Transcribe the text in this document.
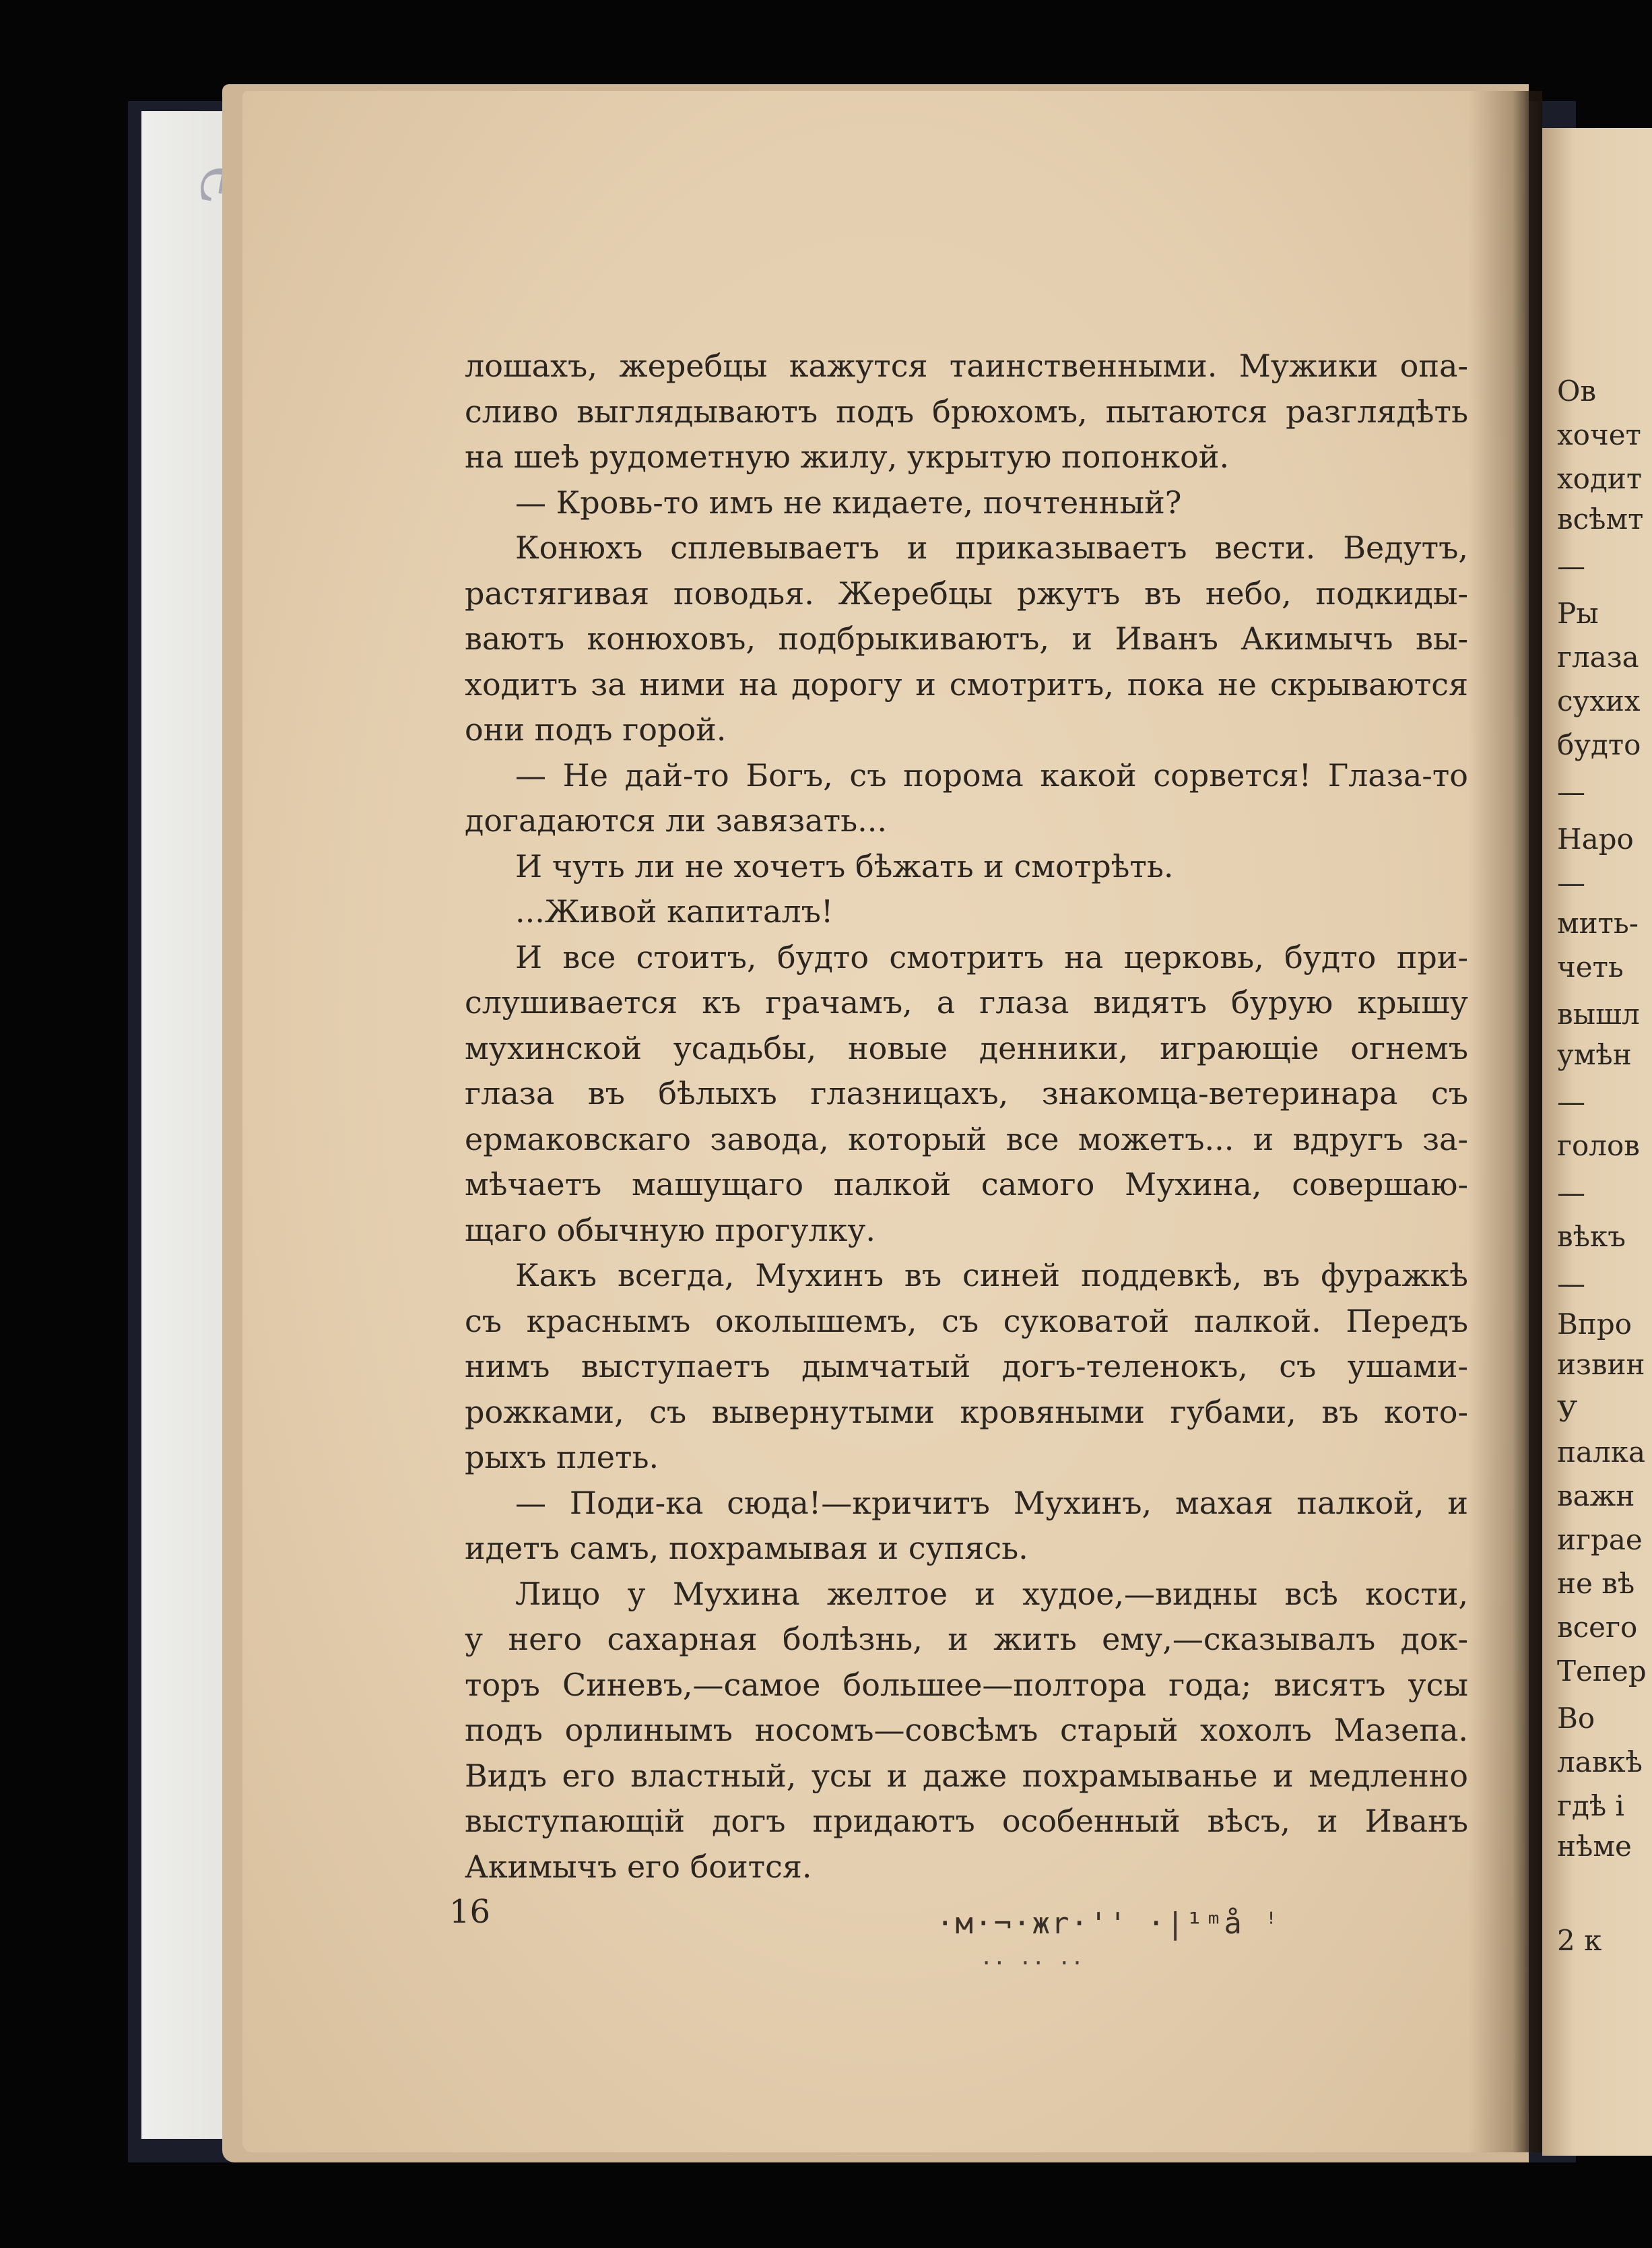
лошахъ, жеребцы кажутся таинственными. Мужики опа-

сливо выглядываютъ подъ брюхомъ, пытаются разглядѣть

на шеѣ рудометную жилу, укрытую попонкой.

— Кровь-то имъ не кидаете, почтенный?

Конюхъ сплевываетъ и приказываетъ вести. Ведутъ,

растягивая поводья. Жеребцы ржутъ въ небо, подкиды-

ваютъ конюховъ, подбрыкиваютъ, и Иванъ Акимычъ вы-

ходитъ за ними на дорогу и смотритъ, пока не скрываются

они подъ горой.

— Не дай-то Богъ, съ порома какой сорвется! Глаза-то

догадаются ли завязать...

И чуть ли не хочетъ бѣжать и смотрѣть.

...Живой капиталъ!

И все стоитъ, будто смотритъ на церковь, будто при-

слушивается къ грачамъ, а глаза видятъ бурую крышу

мухинской усадьбы, новые денники, играющіе огнемъ

глаза въ бѣлыхъ глазницахъ, знакомца-ветеринара съ

ермаковскаго завода, который все можетъ... и вдругъ за-

мѣчаетъ машущаго палкой самого Мухина, совершаю-

щаго обычную прогулку.

Какъ всегда, Мухинъ въ синей поддевкѣ, въ фуражкѣ

съ краснымъ околышемъ, съ суковатой палкой. Передъ

нимъ выступаетъ дымчатый догъ-теленокъ, съ ушами-

рожками, съ вывернутыми кровяными губами, въ кото-

рыхъ плеть.

— Поди-ка сюда!—кричитъ Мухинъ, махая палкой, и

идетъ самъ, похрамывая и супясь.

Лицо у Мухина желтое и худое,—видны всѣ кости,

у него сахарная болѣзнь, и жить ему,—сказывалъ док-

торъ Синевъ,—самое большее—полтора года; висятъ усы

подъ орлинымъ носомъ—совсѣмъ старый хохолъ Мазепа.

Видъ его властный, усы и даже похрамыванье и медленно

выступающій догъ придаютъ особенный вѣсъ, и Иванъ

Акимычъ его боится.

16	·м·¬·жr·'' ·|¹ᵐå ꜝ

·· ·· ··

Ов

хочет

ходит

всѣмт

—

Ры

глаза

сухих

будто

—

Наро

—

мить-

четь

вышл

умѣн

—

голов

—

вѣкъ

—

Впро

извин

У

палка

важн

играе

не вѣ

всего

Тепер

Во

лавкѣ

гдѣ і

нѣме

2 к
